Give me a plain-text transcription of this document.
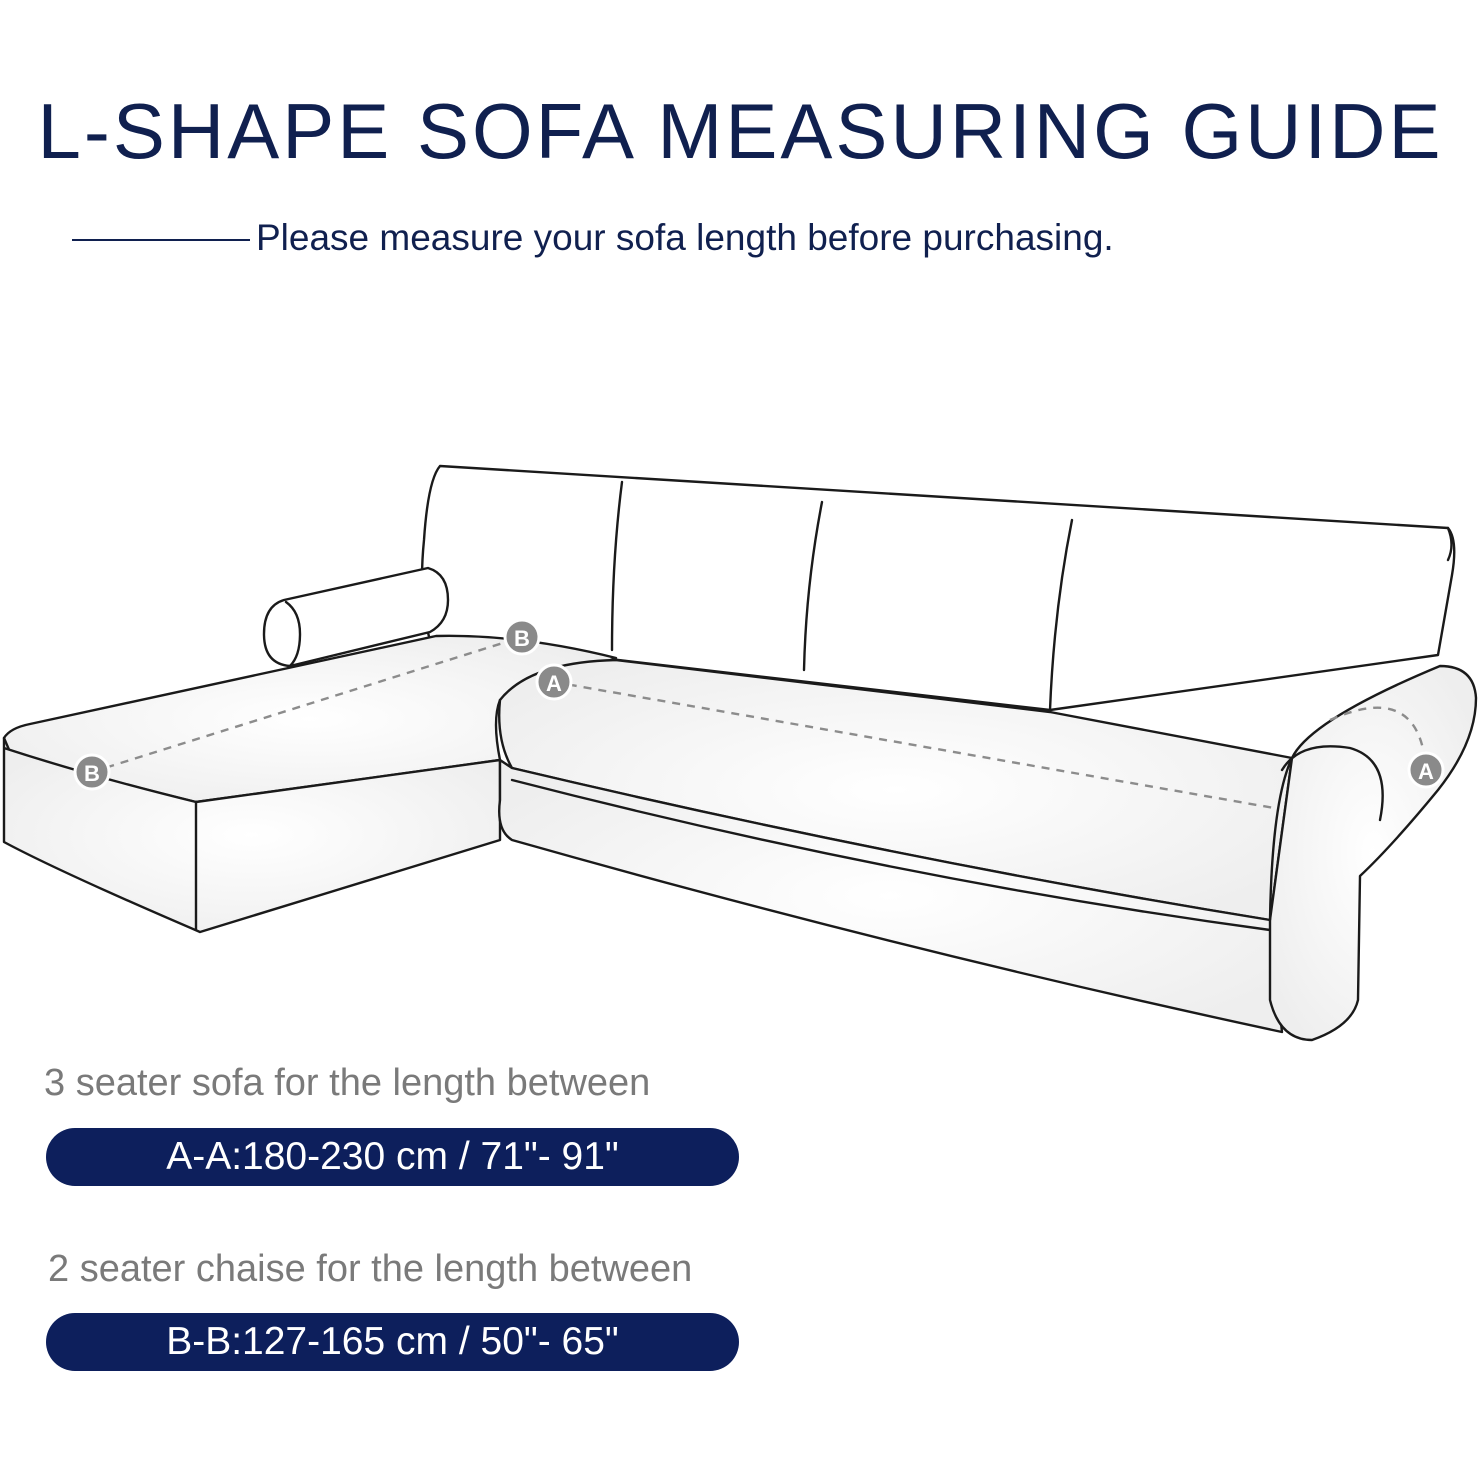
L-SHAPE SOFA MEASURING GUIDE
Please measure your sofa length before purchasing.
B
B
A
A
3 seater sofa for the length between
A-A:180-230 cm / 71"- 91"
2 seater chaise for the length between
B-B:127-165 cm / 50"- 65"
